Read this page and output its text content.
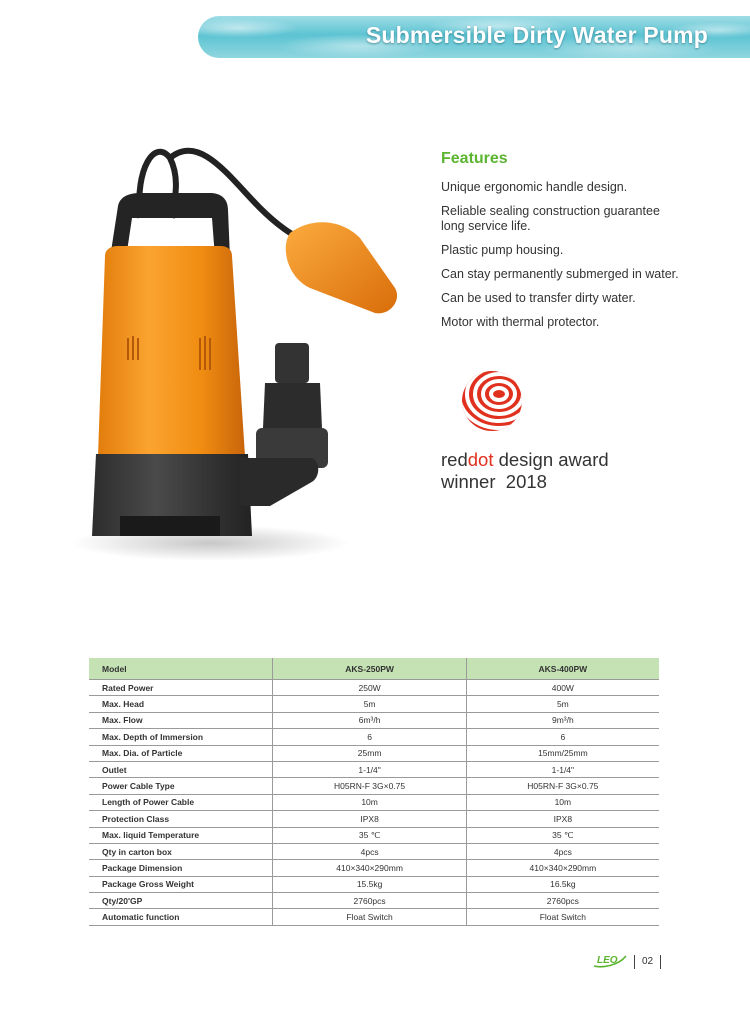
Submersible Dirty Water Pump
Features
Unique ergonomic handle design.
Reliable sealing construction guarantee long service life.
Plastic pump housing.
Can stay permanently submerged in water.
Can be used to transfer dirty water.
Motor with thermal protector.
reddot design award
winner  2018
Model	AKS-250PW	AKS-400PW
Rated Power	250W	400W
Max. Head	5m	5m
Max. Flow	6m³/h	9m³/h
Max. Depth of Immersion	6	6
Max. Dia. of Particle	25mm	15mm/25mm
Outlet	1-1/4"	1-1/4"
Power Cable Type	H05RN-F 3G×0.75	H05RN-F 3G×0.75
Length of Power Cable	10m	10m
Protection Class	IPX8	IPX8
Max. liquid Temperature	35 ℃	35 ℃
Qty in carton box	4pcs	4pcs
Package Dimension	410×340×290mm	410×340×290mm
Package Gross Weight	15.5kg	16.5kg
Qty/20'GP	2760pcs	2760pcs
Automatic function	Float Switch	Float Switch
LEO 02
